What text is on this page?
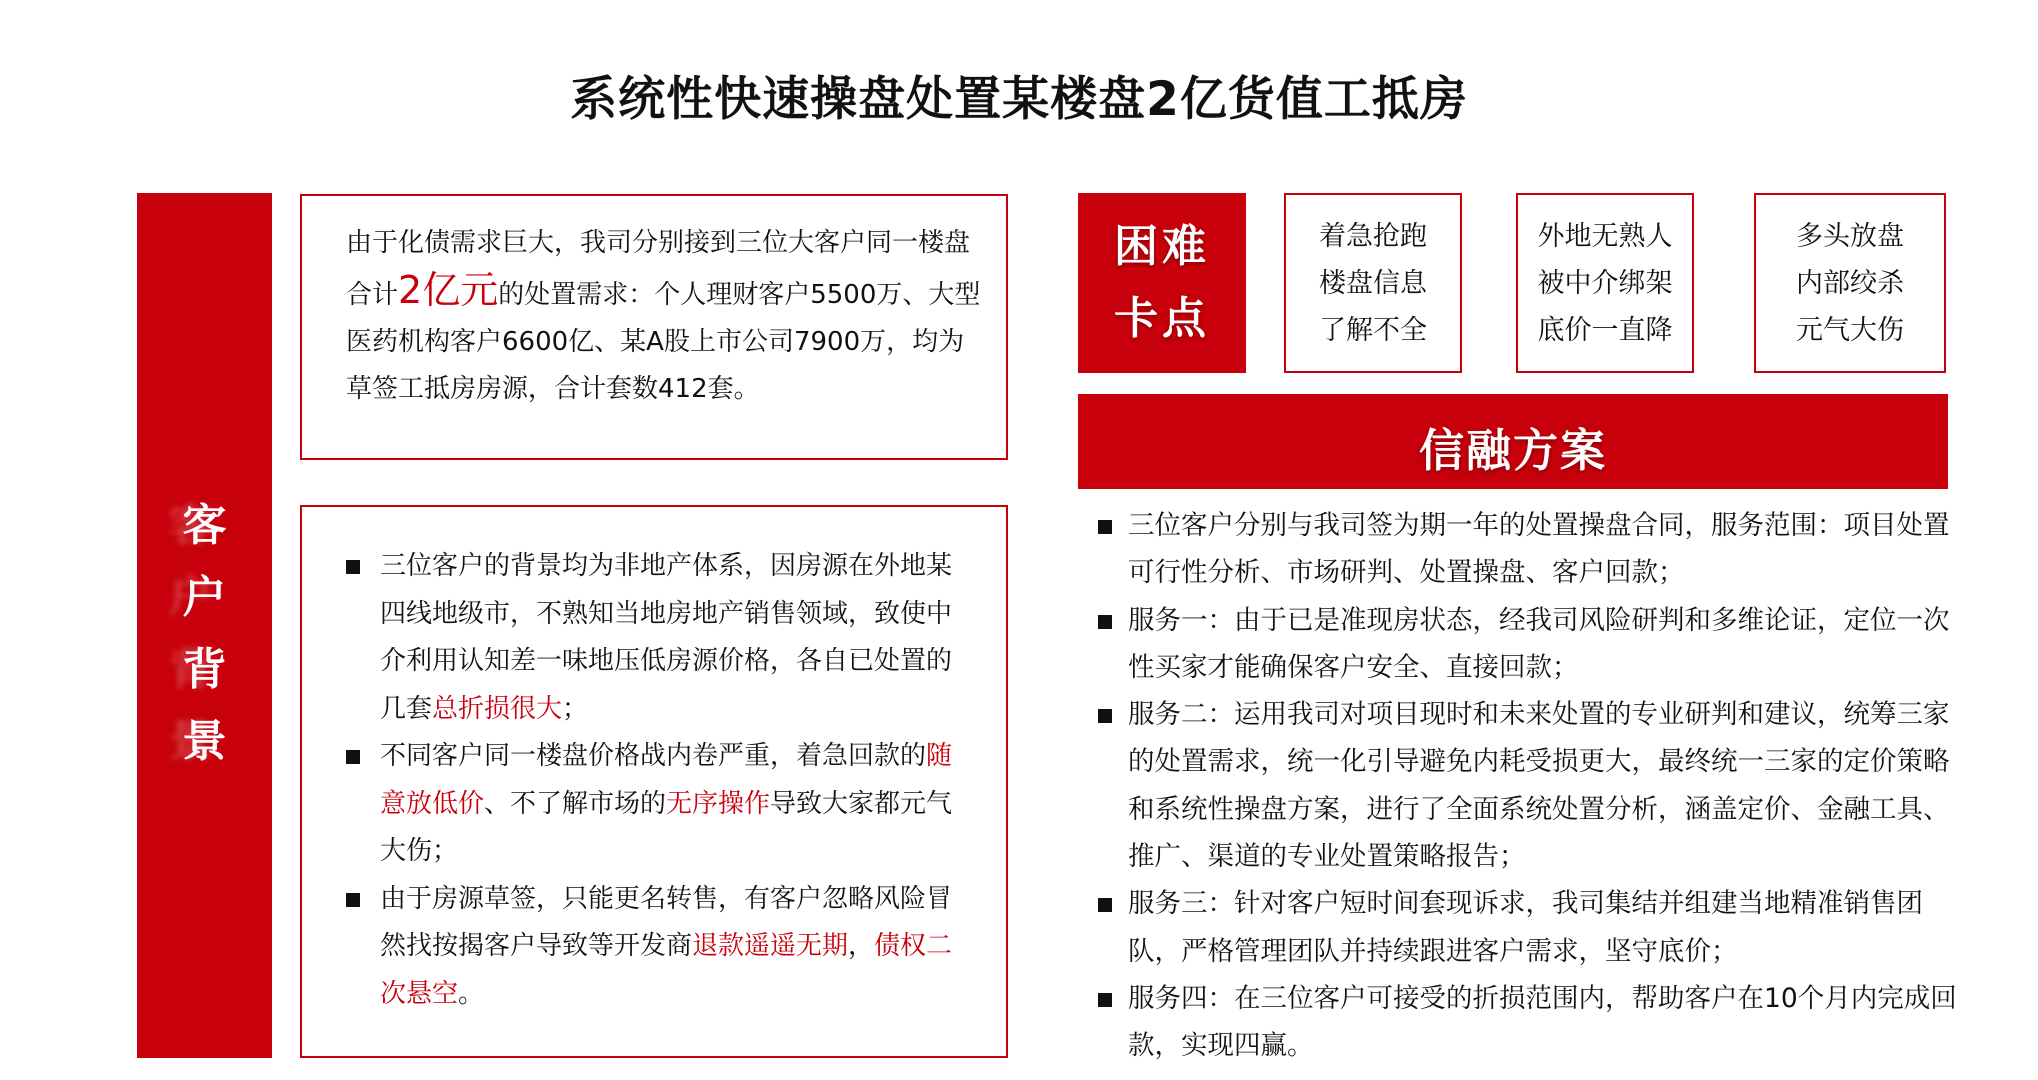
系统性快速操盘处置某楼盘2亿货值工抵房
客
户
背
景
由于化债需求巨大，我司分别接到三位大客户同一楼盘合计2亿元的处置需求：个人理财客户5500万、大型医药机构客户6600亿、某A股上市公司7900万，均为草签工抵房房源，合计套数412套。
三位客户的背景均为非地产体系，因房源在外地某四线地级市，不熟知当地房地产销售领域，致使中介利用认知差一味地压低房源价格，各自已处置的几套总折损很大；
不同客户同一楼盘价格战内卷严重，着急回款的随意放低价、不了解市场的无序操作导致大家都元气大伤；
由于房源草签，只能更名转售，有客户忽略风险冒然找按揭客户导致等开发商退款遥遥无期，债权二次悬空。
困难
卡点
着急抢跑
楼盘信息
了解不全
外地无熟人
被中介绑架
底价一直降
多头放盘
内部绞杀
元气大伤
信融方案
三位客户分别与我司签为期一年的处置操盘合同，服务范围：项目处置可行性分析、市场研判、处置操盘、客户回款；
服务一：由于已是准现房状态，经我司风险研判和多维论证，定位一次性买家才能确保客户安全、直接回款；
服务二：运用我司对项目现时和未来处置的专业研判和建议，统筹三家的处置需求，统一化引导避免内耗受损更大，最终统一三家的定价策略和系统性操盘方案，进行了全面系统处置分析，涵盖定价、金融工具、推广、渠道的专业处置策略报告；
服务三：针对客户短时间套现诉求，我司集结并组建当地精准销售团队，严格管理团队并持续跟进客户需求，坚守底价；
服务四：在三位客户可接受的折损范围内，帮助客户在10个月内完成回款，实现四赢。
